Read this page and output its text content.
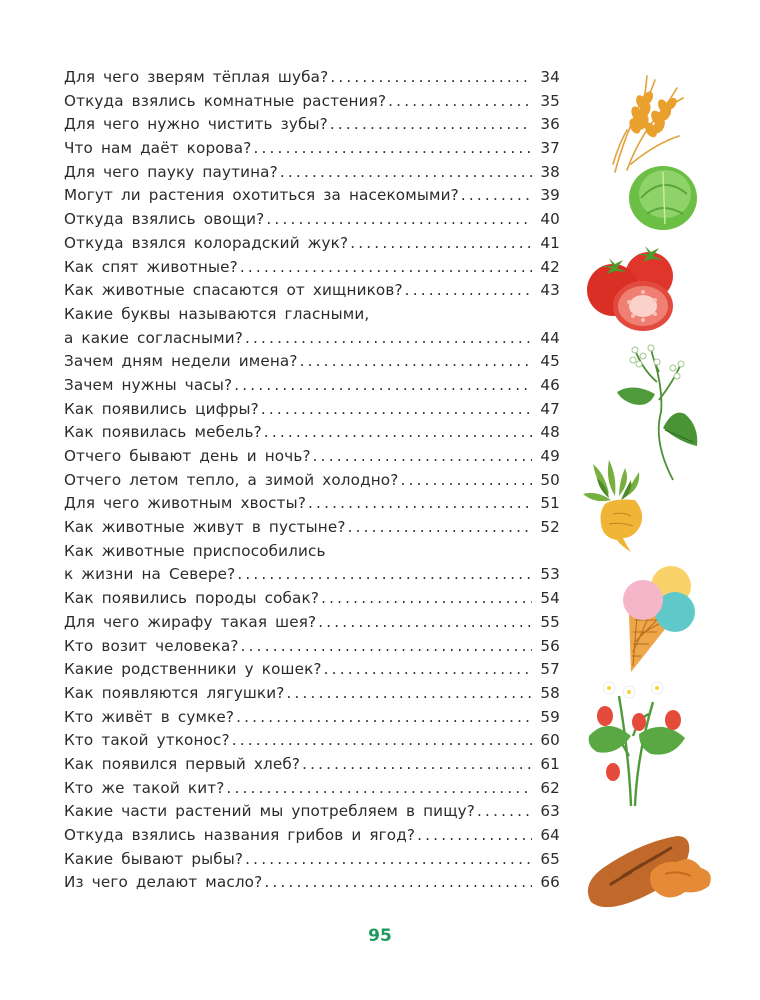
Для чего зверям тёплая шуба? .....	34
Откуда взялись комнатные растения? .....	35
Для чего нужно чистить зубы? .....	36
Что нам даёт корова? .....	37
Для чего пауку паутина? .....	38
Могут ли растения охотиться за насекомыми? .....	39
Откуда взялись овощи? .....	40
Откуда взялся колорадский жук? .....	41
Как спят животные? .....	42
Как животные спасаются от хищников? .....	43
Какие буквы называются гласными,
а какие согласными? .....	44
Зачем дням недели имена? .....	45
Зачем нужны часы? .....	46
Как появились цифры? .....	47
Как появилась мебель? .....	48
Отчего бывают день и ночь? .....	49
Отчего летом тепло, а зимой холодно? .....	50
Для чего животным хвосты? .....	51
Как животные живут в пустыне? .....	52
Как животные приспособились
к жизни на Севере? .....	53
Как появились породы собак? .....	54
Для чего жирафу такая шея? .....	55
Кто возит человека? .....	56
Какие родственники у кошек? .....	57
Как появляются лягушки? .....	58
Кто живёт в сумке? .....	59
Кто такой утконос? .....	60
Как появился первый хлеб? .....	61
Кто же такой кит? .....	62
Какие части растений мы употребляем в пищу? .....	63
Откуда взялись названия грибов и ягод? .....	64
Какие бывают рыбы? .....	65
Из чего делают масло? .....	66
95
